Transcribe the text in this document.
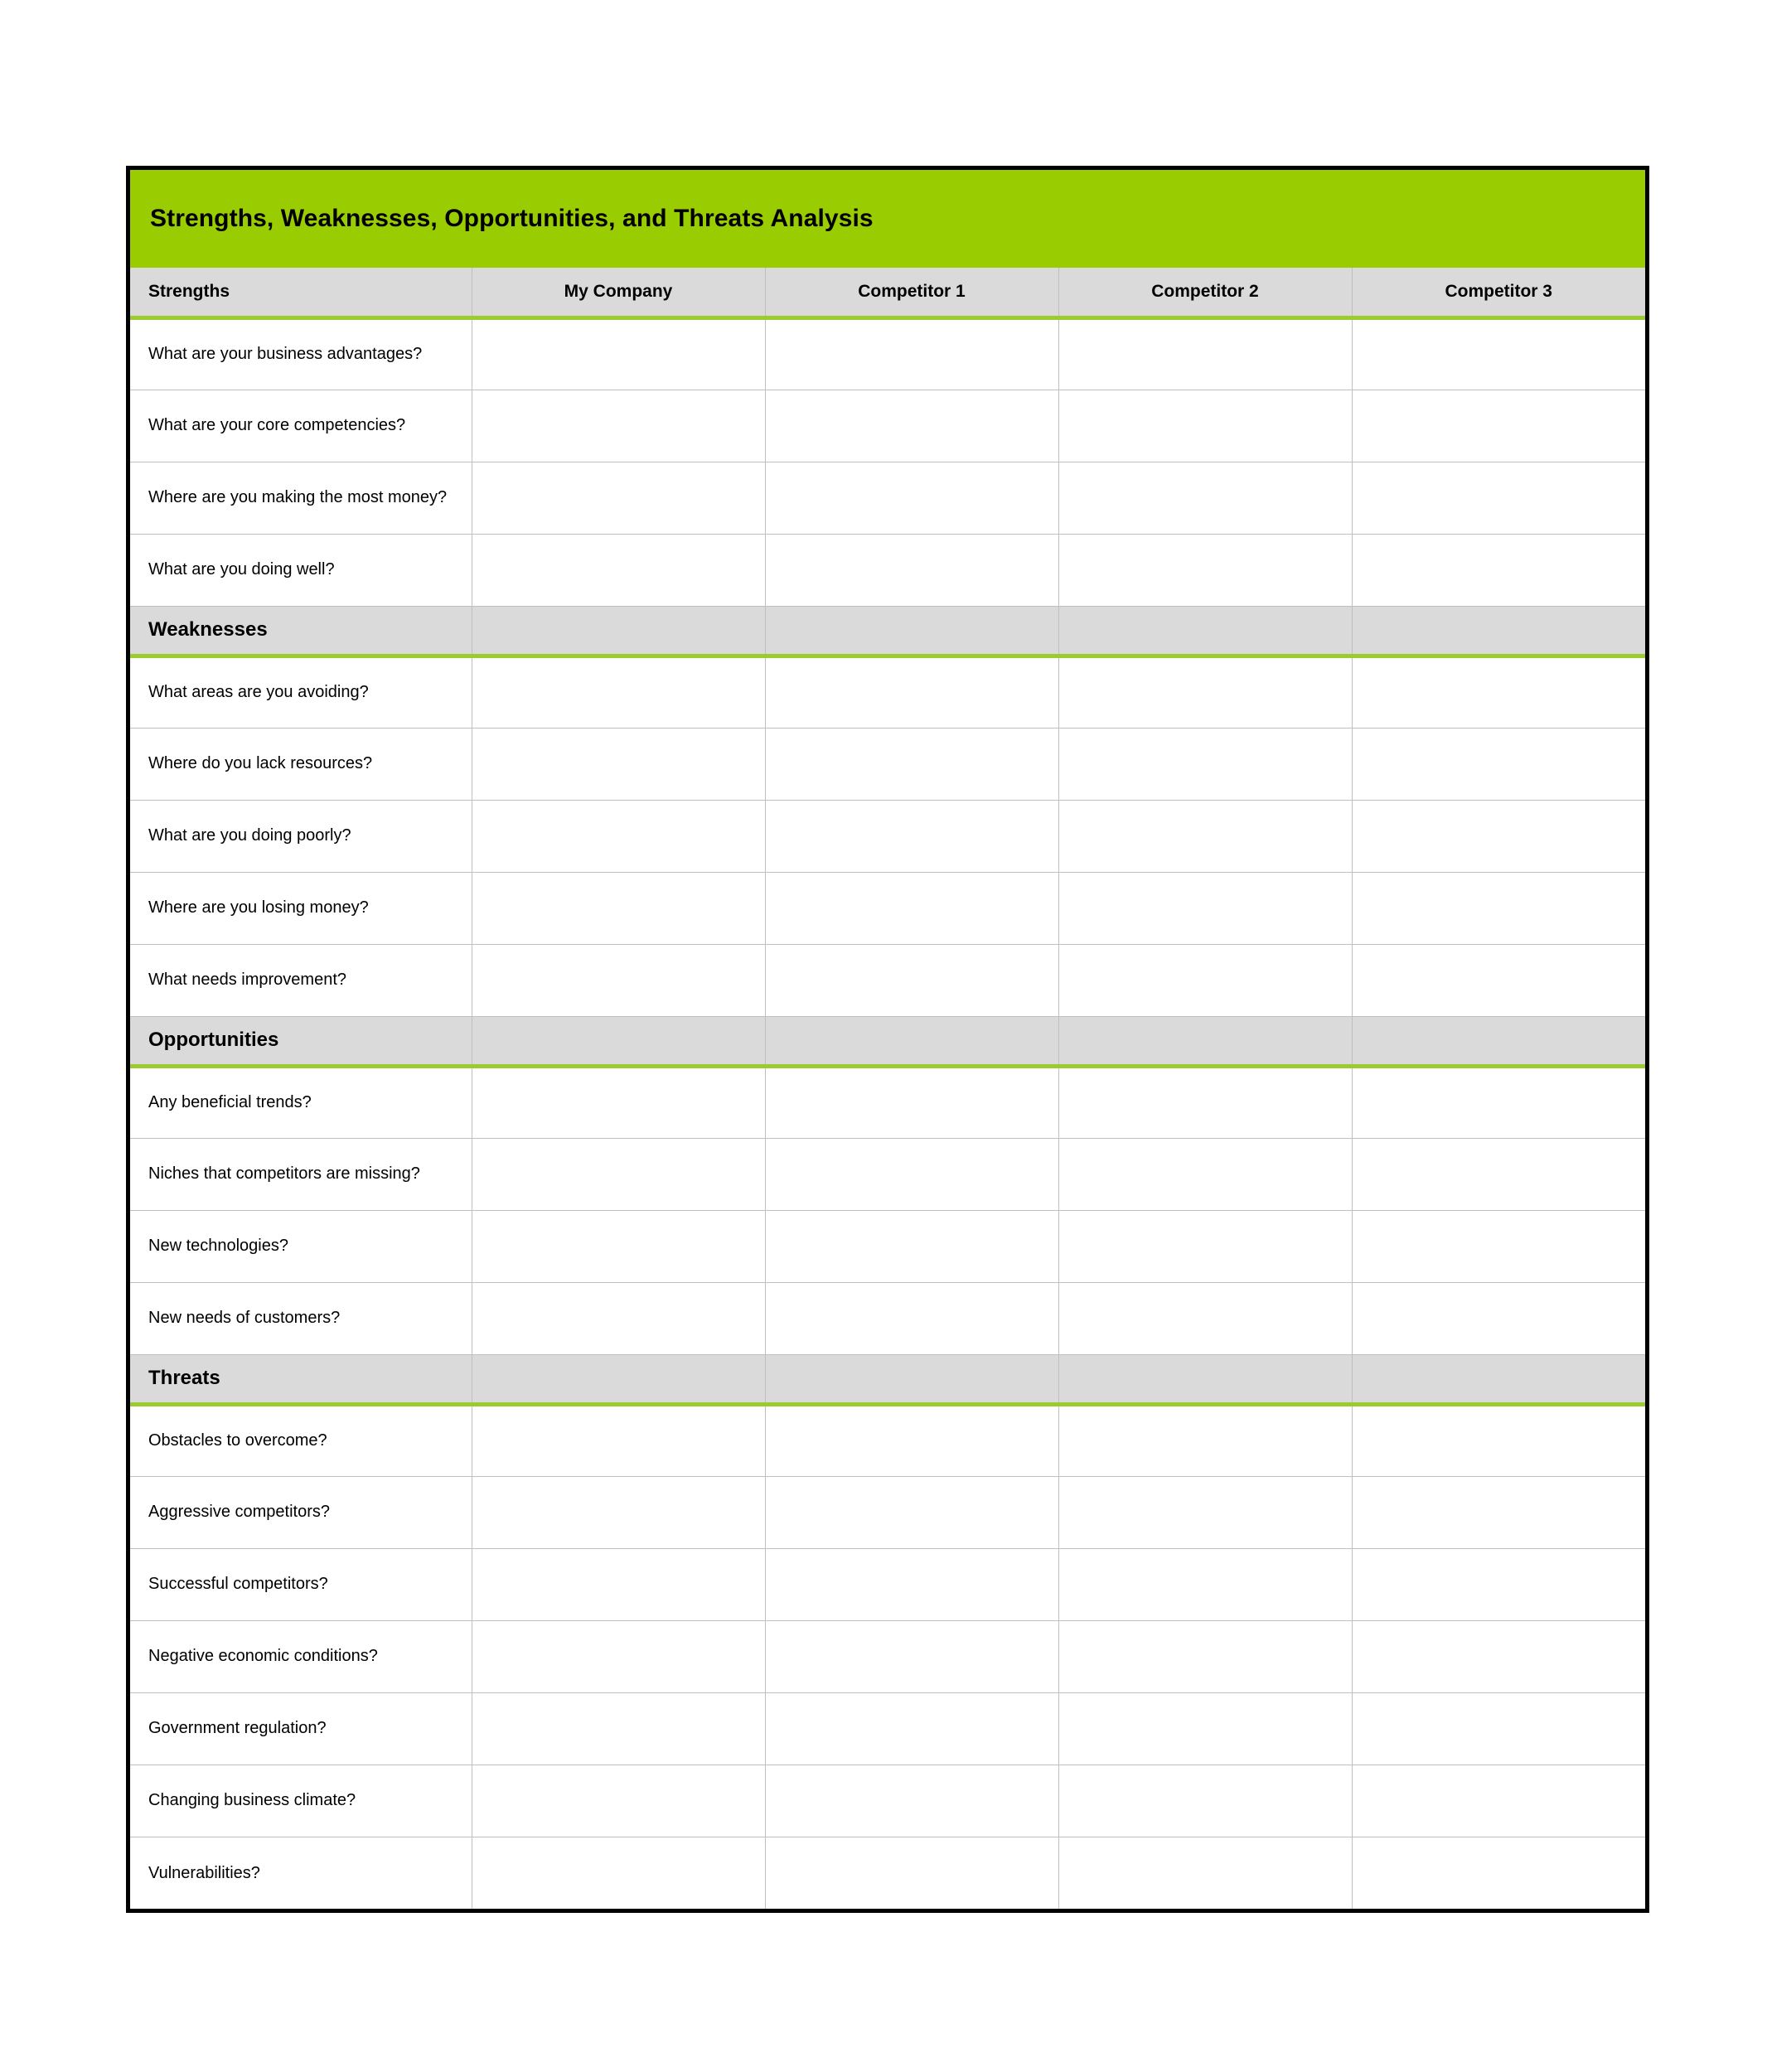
Strengths, Weaknesses, Opportunities, and Threats Analysis				

Strengths	My Company	Competitor 1	Competitor 2	Competitor 3
What are your business advantages?				
What are your core competencies?				
Where are you making the most money?				
What are you doing well?				
Weaknesses				
What areas are you avoiding?				
Where do you lack resources?				
What are you doing poorly?				
Where are you losing money?				
What needs improvement?				
Opportunities				
Any beneficial trends?				
Niches that competitors are missing?				
New technologies?				
New needs of customers?				
Threats				
Obstacles to overcome?				
Aggressive competitors?				
Successful competitors?				
Negative economic conditions?				
Government regulation?				
Changing business climate?				
Vulnerabilities?				
